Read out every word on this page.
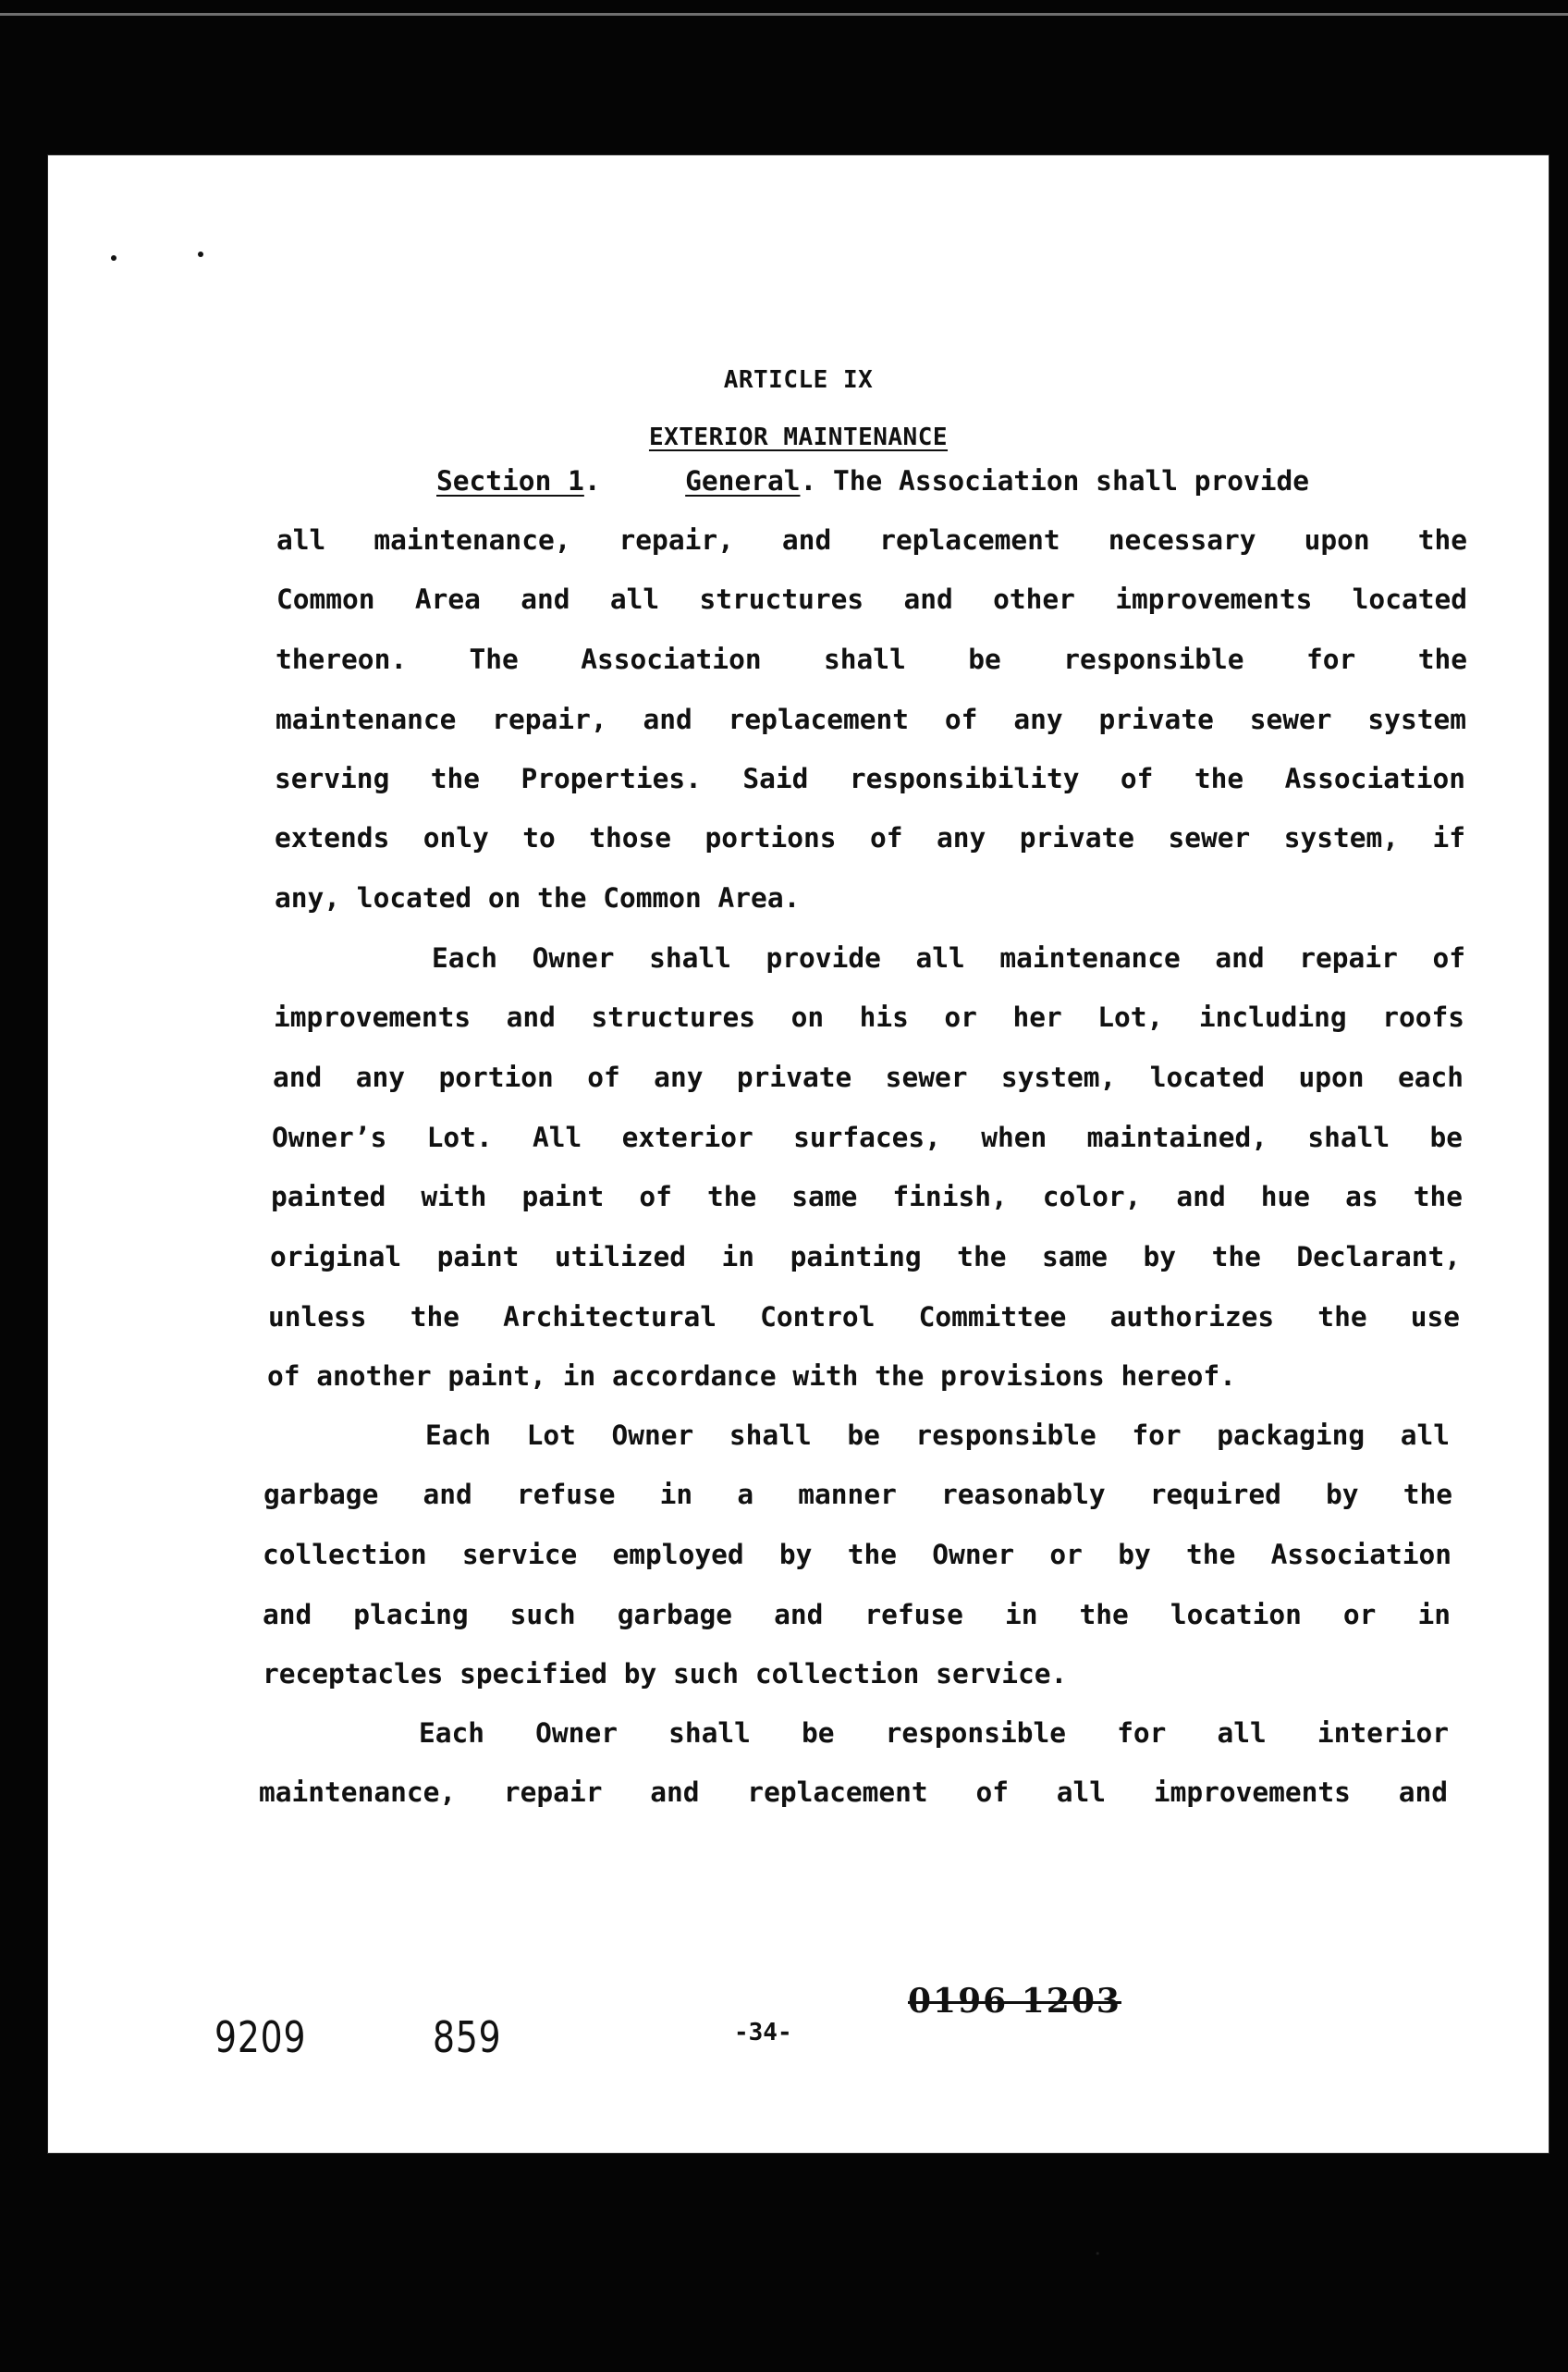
ARTICLE IX
EXTERIOR MAINTENANCE
Section 1.	General. The Association shall provide
all maintenance, repair, and replacement necessary upon the
Common Area and all structures and other improvements located
thereon. The Association shall be responsible for the
maintenance repair, and replacement of any private sewer system
serving the Properties. Said responsibility of the Association
extends only to those portions of any private sewer system, if
any, located on the Common Area.
Each Owner shall provide all maintenance and repair of
improvements and structures on his or her Lot, including roofs
and any portion of any private sewer system, located upon each
Owner’s Lot. All exterior surfaces, when maintained, shall be
painted with paint of the same finish, color, and hue as the
original paint utilized in painting the same by the Declarant,
unless the Architectural Control Committee authorizes the use
of another paint, in accordance with the provisions hereof.
Each Lot Owner shall be responsible for packaging all
garbage and refuse in a manner reasonably required by the
collection service employed by the Owner or by the Association
and placing such garbage and refuse in the location or in
receptacles specified by such collection service.
Each Owner shall be responsible for all interior
maintenance, repair and replacement of all improvements and
9209	859	-34-
0196 1203
